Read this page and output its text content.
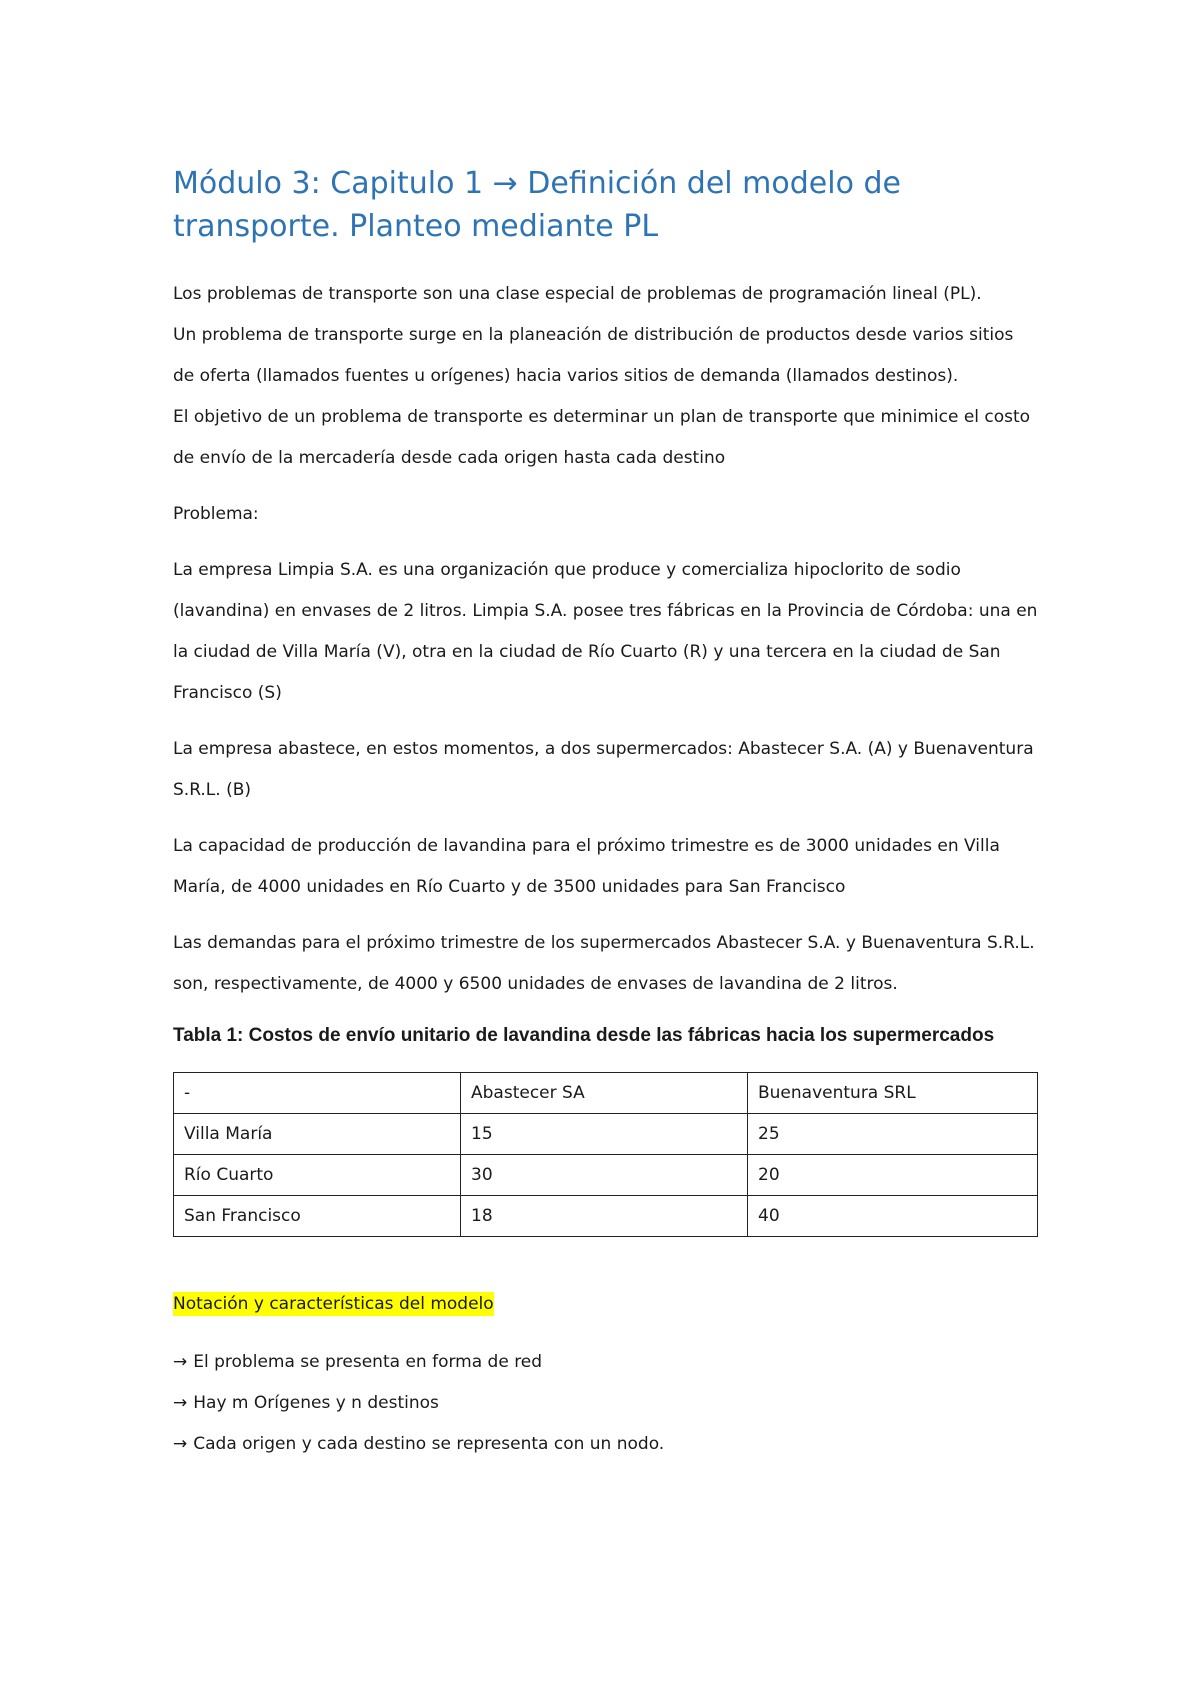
Módulo 3: Capitulo 1 → Definición del modelo de transporte. Planteo mediante PL

Los problemas de transporte son una clase especial de problemas de programación lineal (PL).

Un problema de transporte surge en la planeación de distribución de productos desde varios sitios de oferta (llamados fuentes u orígenes) hacia varios sitios de demanda (llamados destinos).

El objetivo de un problema de transporte es determinar un plan de transporte que minimice el costo de envío de la mercadería desde cada origen hasta cada destino

Problema:

La empresa Limpia S.A. es una organización que produce y comercializa hipoclorito de sodio (lavandina) en envases de 2 litros. Limpia S.A. posee tres fábricas en la Provincia de Córdoba: una en la ciudad de Villa María (V), otra en la ciudad de Río Cuarto (R) y una tercera en la ciudad de San Francisco (S)

La empresa abastece, en estos momentos, a dos supermercados: Abastecer S.A. (A) y Buenaventura S.R.L. (B)

La capacidad de producción de lavandina para el próximo trimestre es de 3000 unidades en Villa María, de 4000 unidades en Río Cuarto y de 3500 unidades para San Francisco

Las demandas para el próximo trimestre de los supermercados Abastecer S.A. y Buenaventura S.R.L. son, respectivamente, de 4000 y 6500 unidades de envases de lavandina de 2 litros.

Tabla 1: Costos de envío unitario de lavandina desde las fábricas hacia los supermercados
-	Abastecer SA	Buenaventura SRL
Villa María	15	25
Río Cuarto	30	20
San Francisco	18	40
Notación y características del modelo
→ El problema se presenta en forma de red
→ Hay m Orígenes y n destinos
→ Cada origen y cada destino se representa con un nodo.
